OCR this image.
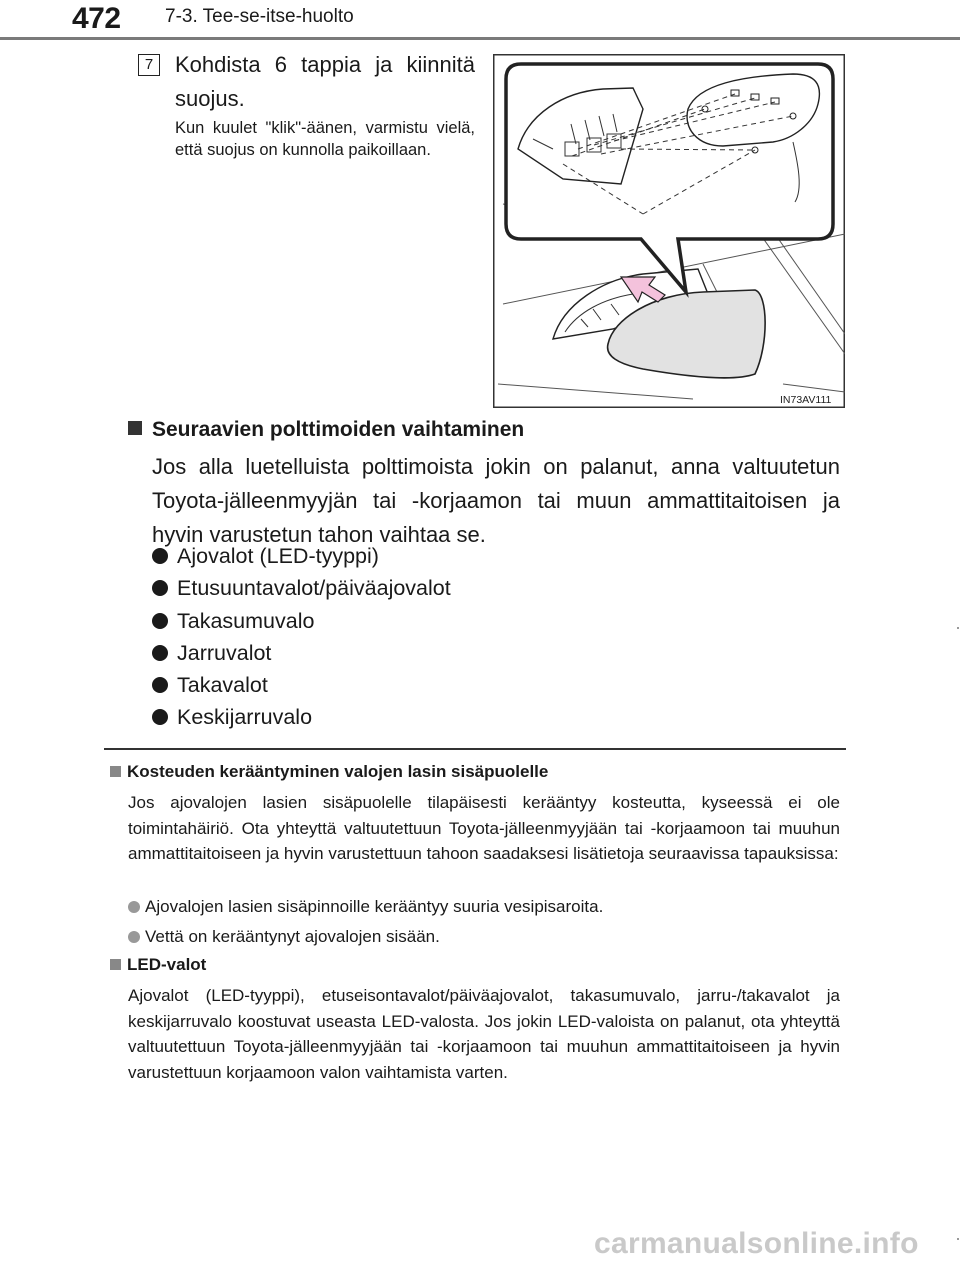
472 7-3. Tee-se-itse-huolto
7 Kohdista 6 tappia ja kiinnitä suojus.
Kun kuulet "klik"-äänen, varmistu vielä, että suojus on kunnolla paikoillaan.
IN73AV111
Seuraavien polttimoiden vaihtaminen
Jos alla luetelluista polttimoista jokin on palanut, anna valtuutetun Toyota-jälleenmyyjän tai -korjaamon tai muun ammattitaitoisen ja hyvin varustetun tahon vaihtaa se.
Ajovalot (LED-tyyppi)
Etusuuntavalot/päiväajovalot
Takasumuvalo
Jarruvalot
Takavalot
Keskijarruvalo
Kosteuden kerääntyminen valojen lasin sisäpuolelle
Jos ajovalojen lasien sisäpuolelle tilapäisesti kerääntyy kosteutta, kyseessä ei ole toimintahäiriö. Ota yhteyttä valtuutettuun Toyota-jälleenmyyjään tai -korjaamoon tai muuhun ammattitaitoiseen ja hyvin varustettuun tahoon saadaksesi lisätietoja seuraavissa tapauksissa:
Ajovalojen lasien sisäpinnoille kerääntyy suuria vesipisaroita.
Vettä on kerääntynyt ajovalojen sisään.
LED-valot
Ajovalot (LED-tyyppi), etuseisontavalot/päiväajovalot, takasumuvalo, jarru-/takavalot ja keskijarruvalo koostuvat useasta LED-valosta. Jos jokin LED-valoista on palanut, ota yhteyttä valtuutettuun Toyota-jälleenmyyjään tai -korjaamoon tai muuhun ammattitaitoiseen ja hyvin varustettuun korjaamoon valon vaihtamista varten.
carmanualsonline.info
